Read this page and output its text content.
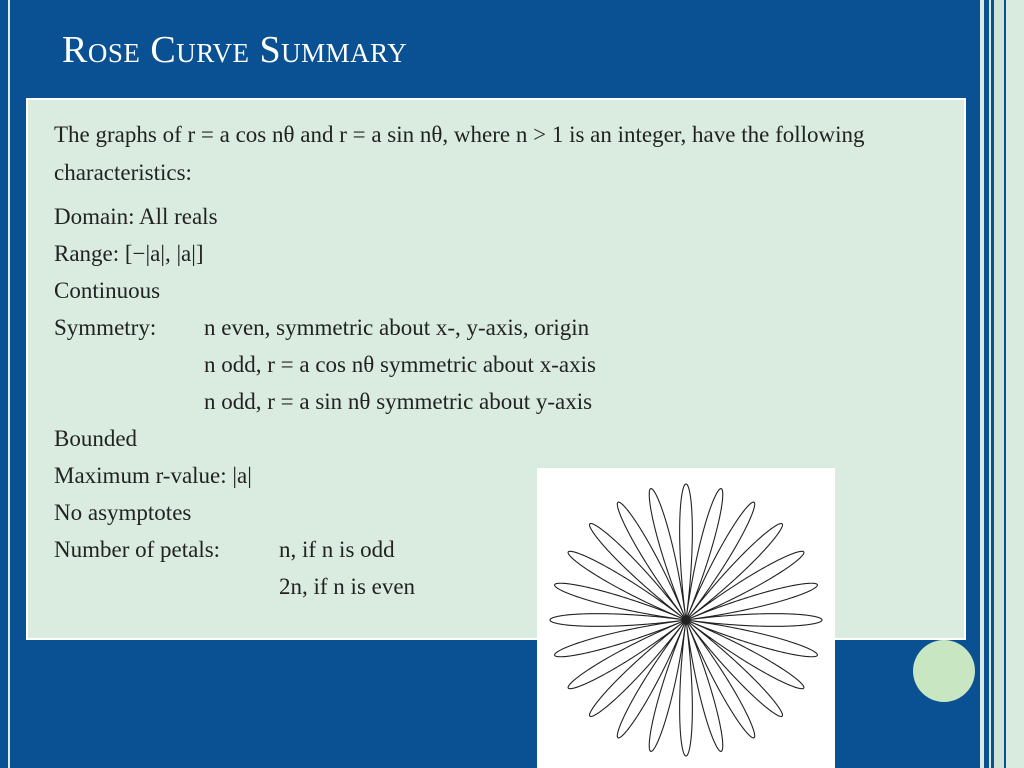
Rose Curve Summary

The graphs of r = a cos nθ and r = a sin nθ, where n > 1 is an integer, have the following characteristics:

Domain: All reals

Range: [−|a|, |a|]

Continuous

Symmetry:	n even, symmetric about x-, y-axis, origin

n odd, r = a cos nθ symmetric about x-axis

n odd, r = a sin nθ symmetric about y-axis

Bounded

Maximum r-value: |a|

No asymptotes

Number of petals:	n, if n is odd

2n, if n is even
